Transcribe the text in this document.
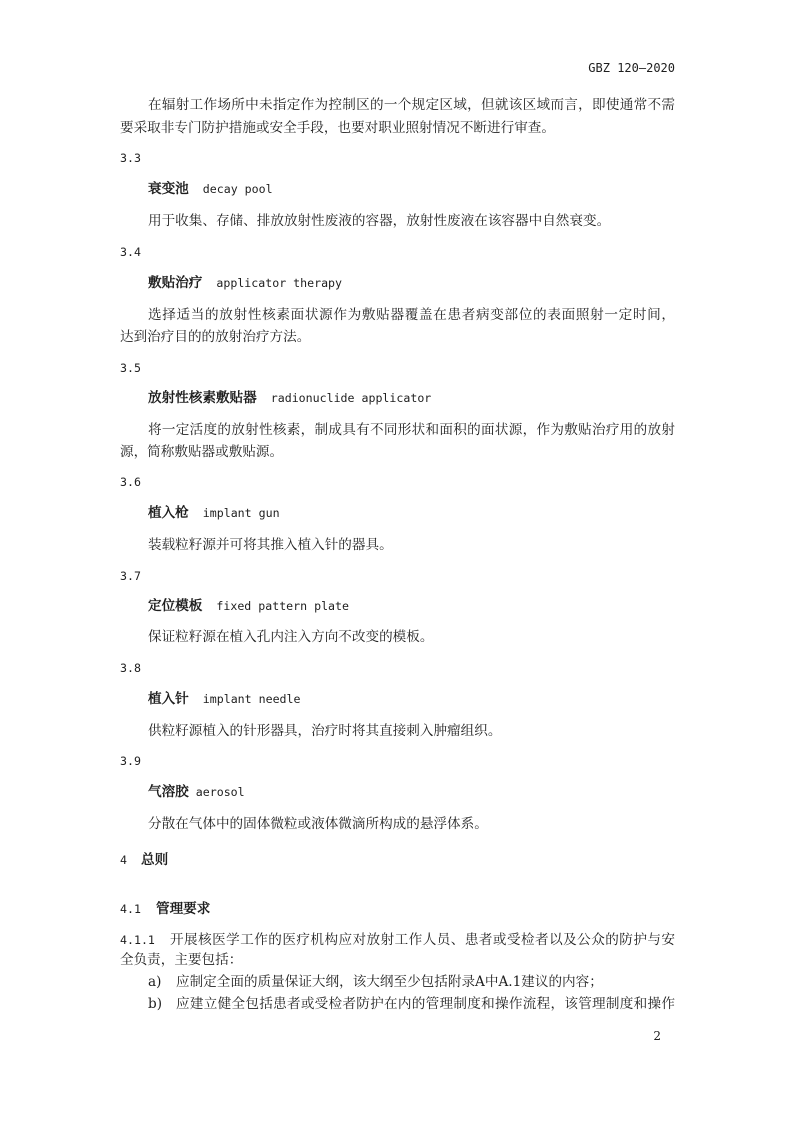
GBZ 120—2020
在辐射工作场所中未指定作为控制区的一个规定区域，但就该区域而言，即使通常不需
要采取非专门防护措施或安全手段，也要对职业照射情况不断进行审查。
3.3
衰变池 decay pool
用于收集、存储、排放放射性废液的容器，放射性废液在该容器中自然衰变。
3.4
敷贴治疗 applicator therapy
选择适当的放射性核素面状源作为敷贴器覆盖在患者病变部位的表面照射一定时间，
达到治疗目的的放射治疗方法。
3.5
放射性核素敷贴器 radionuclide applicator
将一定活度的放射性核素，制成具有不同形状和面积的面状源，作为敷贴治疗用的放射
源，简称敷贴器或敷贴源。
3.6
植入枪 implant gun
装载粒籽源并可将其推入植入针的器具。
3.7
定位模板 fixed pattern plate
保证粒籽源在植入孔内注入方向不改变的模板。
3.8
植入针 implant needle
供粒籽源植入的针形器具，治疗时将其直接刺入肿瘤组织。
3.9
气溶胶 aerosol
分散在气体中的固体微粒或液体微滴所构成的悬浮体系。
4 总则
4.1 管理要求
4.1.1 开展核医学工作的医疗机构应对放射工作人员、患者或受检者以及公众的防护与安
全负责，主要包括：
a) 应制定全面的质量保证大纲，该大纲至少包括附录A中A.1建议的内容；
b) 应建立健全包括患者或受检者防护在内的管理制度和操作流程，该管理制度和操作
2
